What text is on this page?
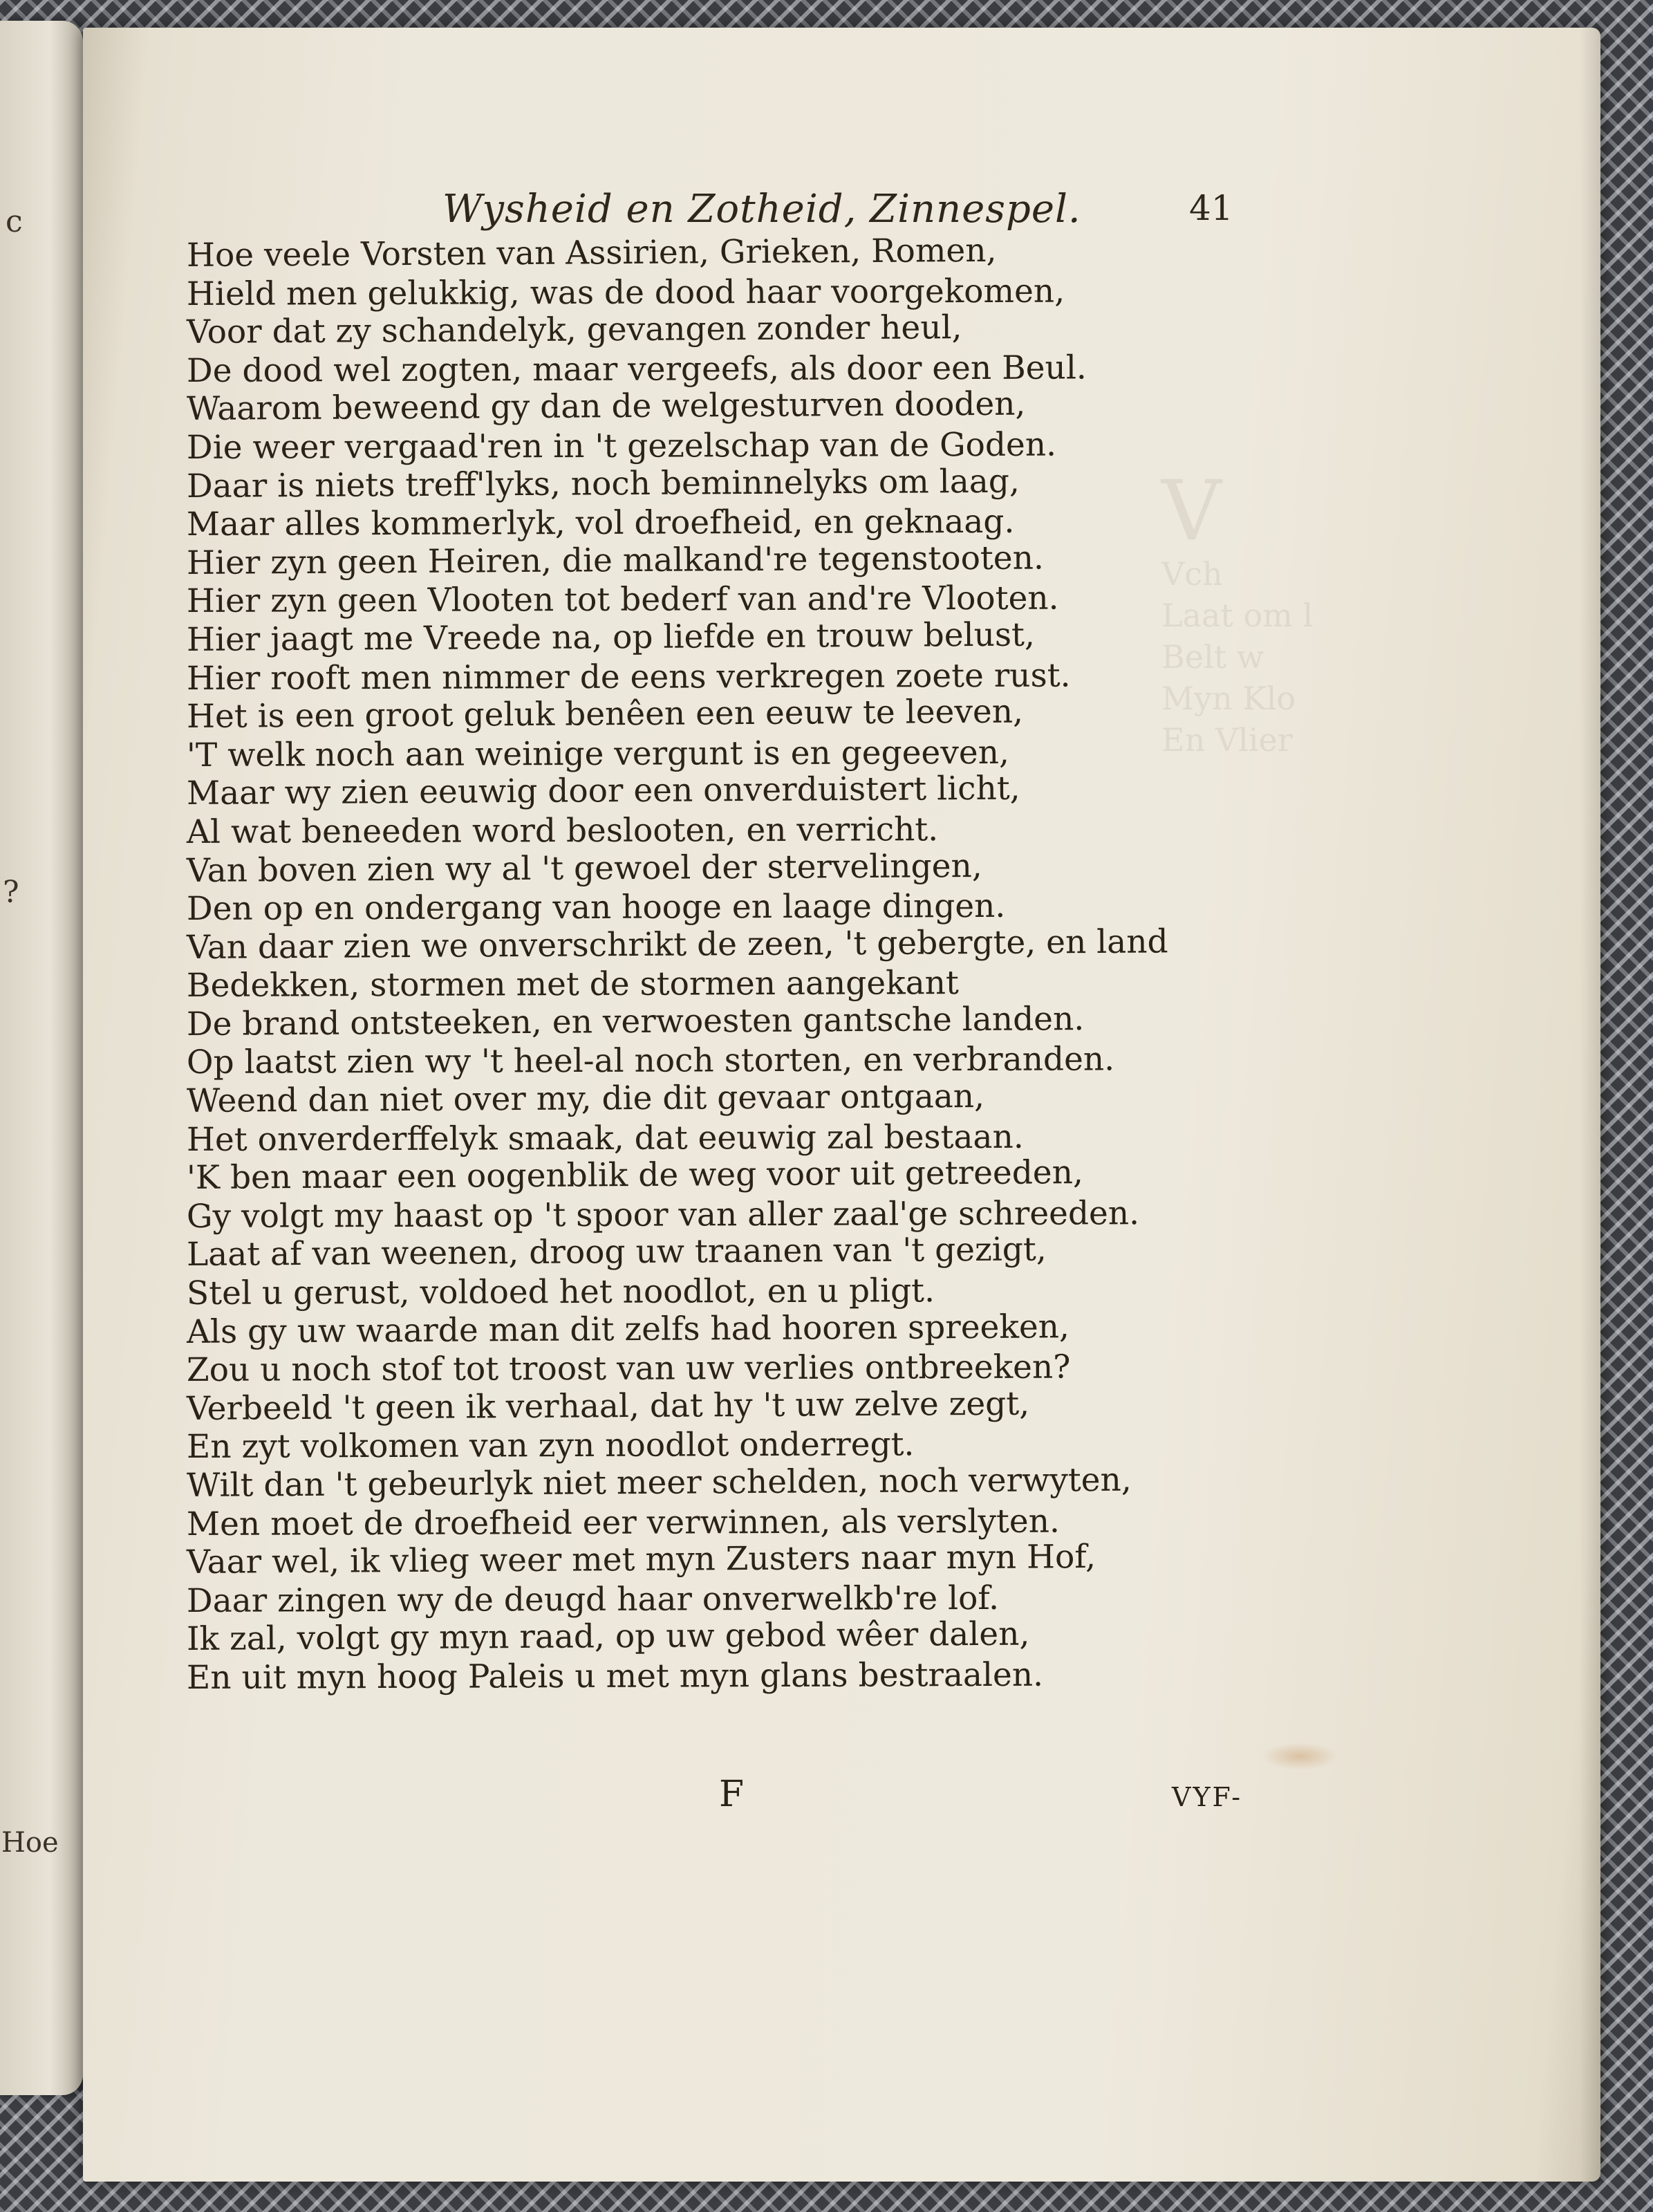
c
?
Hoe
V
Vch
Laat om l
Belt w
Myn Klo
En Vlier
Wysheid en Zotheid, Zinnespel.	41
Hoe veele Vorsten van Assirien, Grieken, Romen,
Hield men gelukkig, was de dood haar voorgekomen,
Voor dat zy schandelyk, gevangen zonder heul,
De dood wel zogten, maar vergeefs, als door een Beul.
Waarom beweend gy dan de welgesturven dooden,
Die weer vergaad'ren in 't gezelschap van de Goden.
Daar is niets treff'lyks, noch beminnelyks om laag,
Maar alles kommerlyk, vol droefheid, en geknaag.
Hier zyn geen Heiren, die malkand're tegenstooten.
Hier zyn geen Vlooten tot bederf van and're Vlooten.
Hier jaagt me Vreede na, op liefde en trouw belust,
Hier rooft men nimmer de eens verkregen zoete rust.
Het is een groot geluk benêen een eeuw te leeven,
'T welk noch aan weinige vergunt is en gegeeven,
Maar wy zien eeuwig door een onverduistert licht,
Al wat beneeden word beslooten, en verricht.
Van boven zien wy al 't gewoel der stervelingen,
Den op en ondergang van hooge en laage dingen.
Van daar zien we onverschrikt de zeen, 't gebergte, en land
Bedekken, stormen met de stormen aangekant
De brand ontsteeken, en verwoesten gantsche landen.
Op laatst zien wy 't heel-al noch storten, en verbranden.
Weend dan niet over my, die dit gevaar ontgaan,
Het onverderffelyk smaak, dat eeuwig zal bestaan.
'K ben maar een oogenblik de weg voor uit getreeden,
Gy volgt my haast op 't spoor van aller zaal'ge schreeden.
Laat af van weenen, droog uw traanen van 't gezigt,
Stel u gerust, voldoed het noodlot, en u pligt.
Als gy uw waarde man dit zelfs had hooren spreeken,
Zou u noch stof tot troost van uw verlies ontbreeken?
Verbeeld 't geen ik verhaal, dat hy 't uw zelve zegt,
En zyt volkomen van zyn noodlot onderregt.
Wilt dan 't gebeurlyk niet meer schelden, noch verwyten,
Men moet de droefheid eer verwinnen, als verslyten.
Vaar wel, ik vlieg weer met myn Zusters naar myn Hof,
Daar zingen wy de deugd haar onverwelkb're lof.
Ik zal, volgt gy myn raad, op uw gebod wêer dalen,
En uit myn hoog Paleis u met myn glans bestraalen.
F	VYF-
